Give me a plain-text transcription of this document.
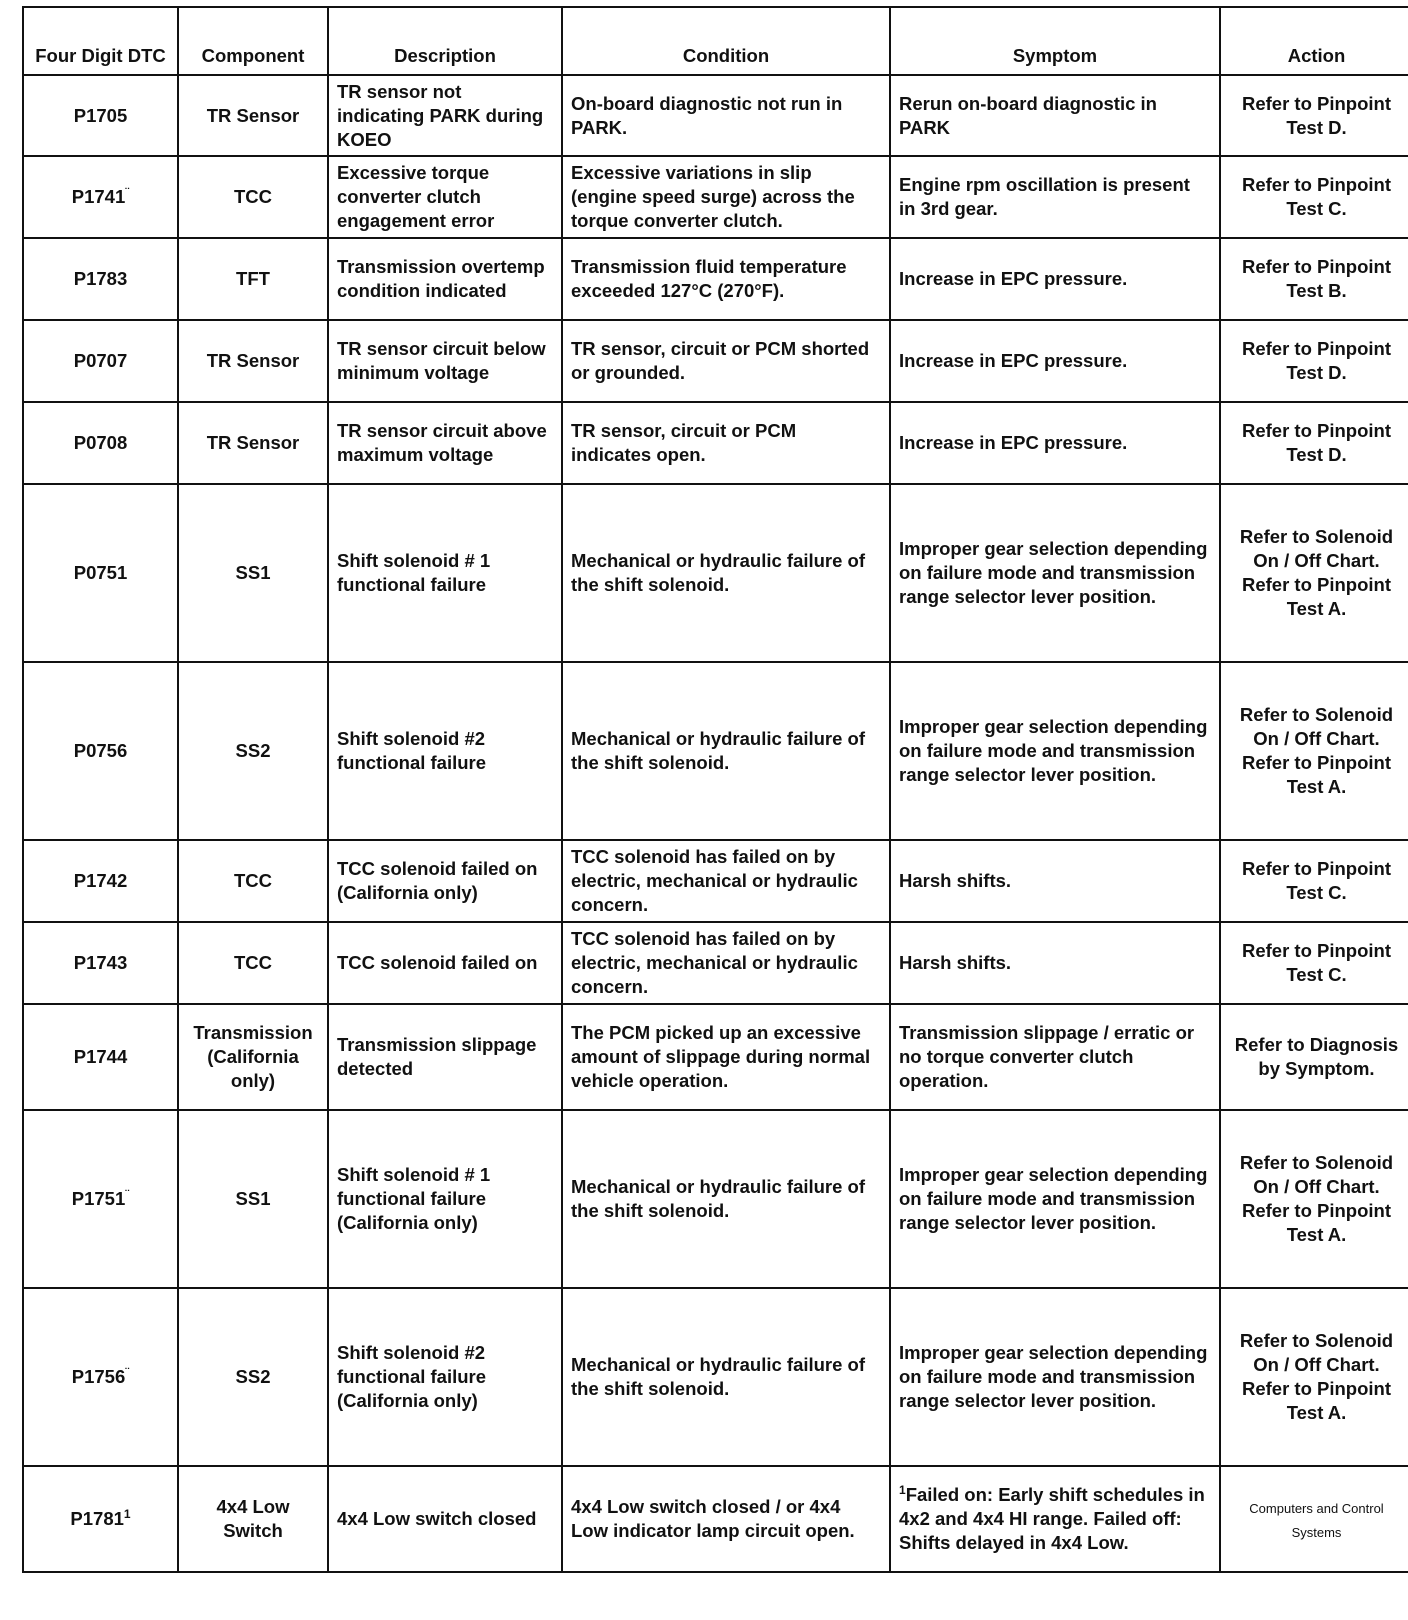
Four Digit DTC	Component	Description	Condition	Symptom	Action
P1705	TR Sensor	TR sensor not indicating PARK during KOEO	On-board diagnostic not run in PARK.	Rerun on-board diagnostic in PARK	Refer to Pinpoint Test D.
P1741¨	TCC	Excessive torque converter clutch engagement error	Excessive variations in slip (engine speed surge) across the torque converter clutch.	Engine rpm oscillation is present in 3rd gear.	Refer to Pinpoint Test C.
P1783	TFT	Transmission overtemp condition indicated	Transmission fluid temperature exceeded 127°C (270°F).	Increase in EPC pressure.	Refer to Pinpoint Test B.
P0707	TR Sensor	TR sensor circuit below minimum voltage	TR sensor, circuit or PCM shorted or grounded.	Increase in EPC pressure.	Refer to Pinpoint Test D.
P0708	TR Sensor	TR sensor circuit above maximum voltage	TR sensor, circuit or PCM indicates open.	Increase in EPC pressure.	Refer to Pinpoint Test D.
P0751	SS1	Shift solenoid # 1 functional failure	Mechanical or hydraulic failure of the shift solenoid.	Improper gear selection depending on failure mode and transmission range selector lever position.	Refer to Solenoid On / Off Chart. Refer to Pinpoint Test A.
P0756	SS2	Shift solenoid #2 functional failure	Mechanical or hydraulic failure of the shift solenoid.	Improper gear selection depending on failure mode and transmission range selector lever position.	Refer to Solenoid On / Off Chart. Refer to Pinpoint Test A.
P1742	TCC	TCC solenoid failed on (California only)	TCC solenoid has failed on by electric, mechanical or hydraulic concern.	Harsh shifts.	Refer to Pinpoint Test C.
P1743	TCC	TCC solenoid failed on	TCC solenoid has failed on by electric, mechanical or hydraulic concern.	Harsh shifts.	Refer to Pinpoint Test C.
P1744	Transmission (California only)	Transmission slippage detected	The PCM picked up an excessive amount of slippage during normal vehicle operation.	Transmission slippage / erratic or no torque converter clutch operation.	Refer to Diagnosis by Symptom.
P1751¨	SS1	Shift solenoid # 1 functional failure (California only)	Mechanical or hydraulic failure of the shift solenoid.	Improper gear selection depending on failure mode and transmission range selector lever position.	Refer to Solenoid On / Off Chart. Refer to Pinpoint Test A.
P1756¨	SS2	Shift solenoid #2 functional failure (California only)	Mechanical or hydraulic failure of the shift solenoid.	Improper gear selection depending on failure mode and transmission range selector lever position.	Refer to Solenoid On / Off Chart. Refer to Pinpoint Test A.
P1781$^1$	4x4 Low Switch	4x4 Low switch closed	4x4 Low switch closed / or 4x4 Low indicator lamp circuit open.	$^1$Failed on: Early shift schedules in 4x2 and 4x4 HI range. Failed off: Shifts delayed in 4x4 Low.	Computers and Control Systems
